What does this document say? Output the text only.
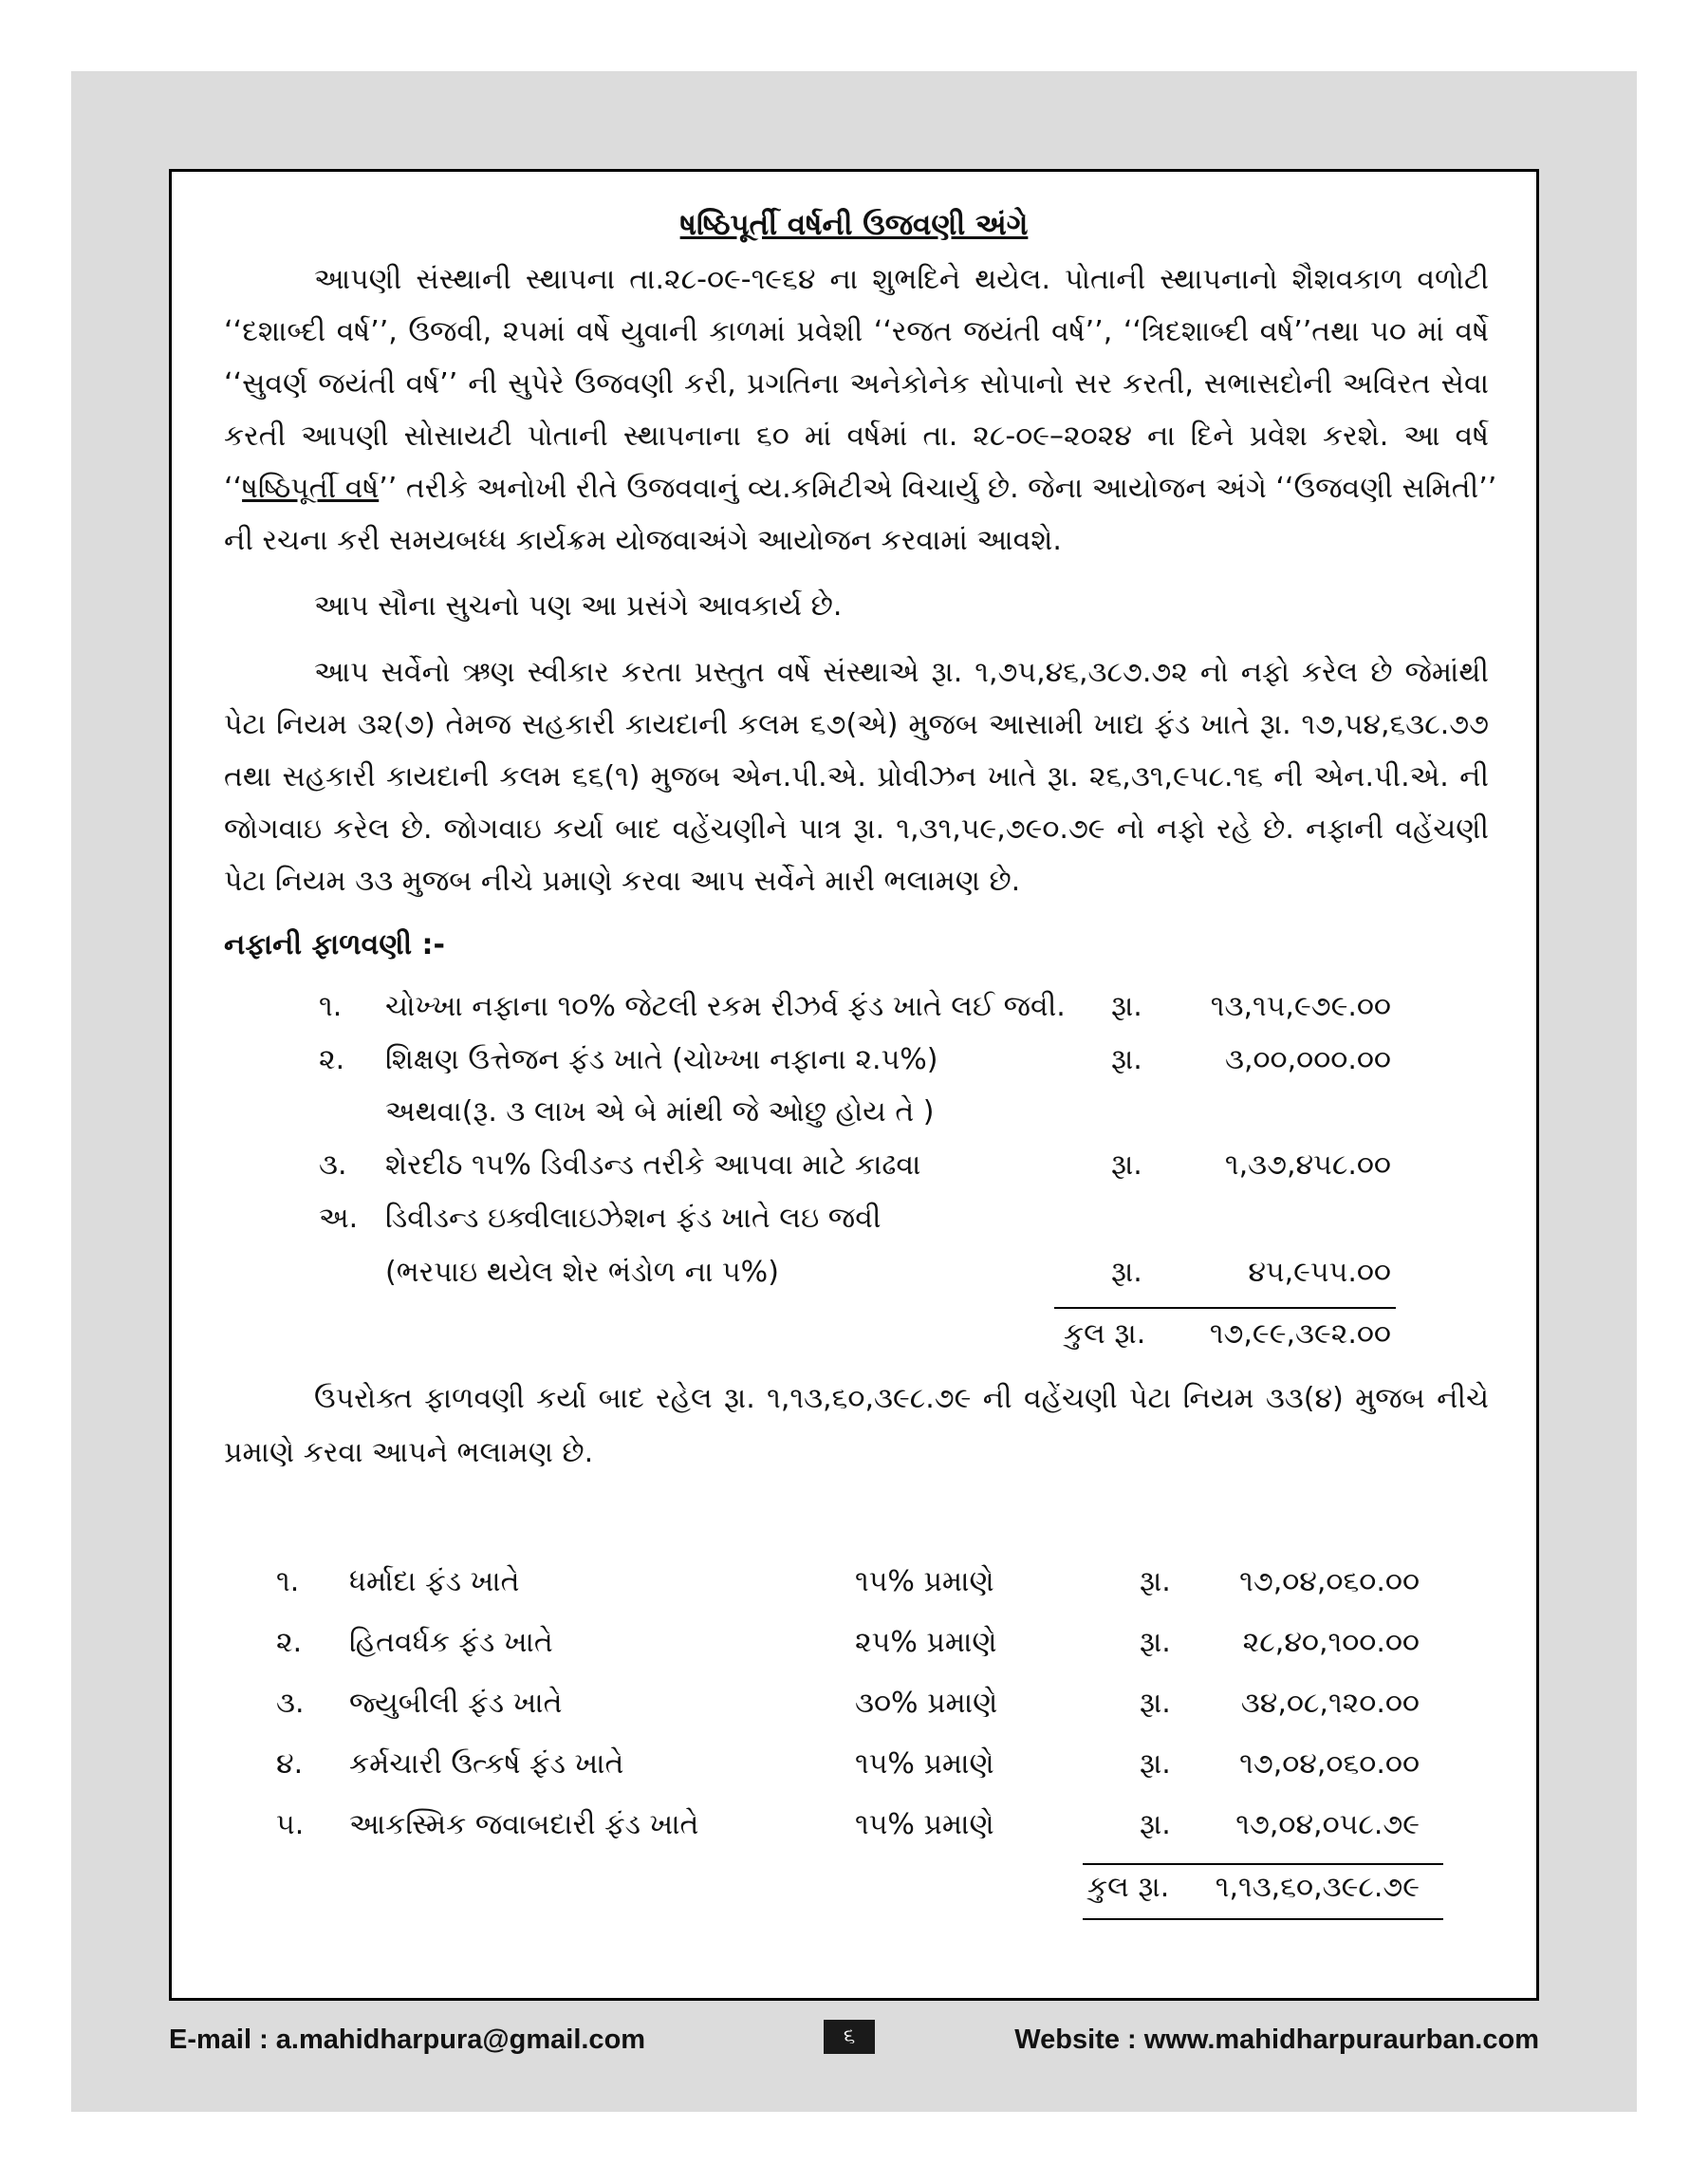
ષષ્ઠિપૂર્તી વર્ષની ઉજવણી અંગે
આપણી સંસ્થાની સ્થાપના તા.૨૮-૦૯-૧૯૬૪ ના શુભદિને થયેલ. પોતાની સ્થાપનાનો શૈશવકાળ વળોટી
‘‘દશાબ્દી વર્ષ’’, ઉજવી, ૨૫માં વર્ષે યુવાની કાળમાં પ્રવેશી ‘‘રજત જયંતી વર્ષ’’, ‘‘ત્રિદશાબ્દી વર્ષ’’તથા ૫૦ માં વર્ષે
‘‘સુવર્ણ જયંતી વર્ષ’’ ની સુપેરે ઉજવણી કરી, પ્રગતિના અનેકોનેક સોપાનો સર કરતી, સભાસદોની અવિરત સેવા
કરતી આપણી સોસાયટી પોતાની સ્થાપનાના ૬૦ માં વર્ષમાં તા. ૨૮-૦૯–૨૦૨૪ ના દિને પ્રવેશ કરશે. આ વર્ષ
‘‘ષષ્ઠિપૂર્તી વર્ષ’’ તરીકે અનોખી રીતે ઉજવવાનું વ્ય.કમિટીએ વિચાર્યુ છે. જેના આયોજન અંગે ‘‘ઉજવણી સમિતી’’
ની રચના કરી સમયબધ્ધ કાર્યક્રમ યોજવાઅંગે આયોજન કરવામાં આવશે.
આપ સૌના સુચનો પણ આ પ્રસંગે આવકાર્ય છે.
આપ સર્વેનો ઋણ સ્વીકાર કરતા પ્રસ્તુત વર્ષે સંસ્થાએ રૂા. ૧,૭૫,૪૬,૩૮૭.૭૨ નો નફો કરેલ છે જેમાંથી
પેટા નિયમ ૩૨(૭) તેમજ સહકારી કાયદાની કલમ ૬૭(એ) મુજબ આસામી ખાદ્ય ફંડ ખાતે રૂા. ૧૭,૫૪,૬૩૮.૭૭
તથા સહકારી કાયદાની કલમ ૬૬(૧) મુજબ એન.પી.એ. પ્રોવીઝન ખાતે રૂા. ૨૬,૩૧,૯૫૮.૧૬ ની એન.પી.એ. ની
જોગવાઇ કરેલ છે. જોગવાઇ કર્યા બાદ વહેંચણીને પાત્ર રૂા. ૧,૩૧,૫૯,૭૯૦.૭૯ નો નફો રહે છે. નફાની વહેંચણી
પેટા નિયમ ૩૩ મુજબ નીચે પ્રમાણે કરવા આપ સર્વેને મારી ભલામણ છે.
નફાની ફાળવણી :-
૧. ચોખ્ખા નફાના ૧૦% જેટલી રકમ રીઝર્વ ફંડ ખાતે લઈ જવી. રૂા.	૧૩,૧૫,૯૭૯.૦૦
૨. શિક્ષણ ઉત્તેજન ફંડ ખાતે (ચોખ્ખા નફાના ૨.૫%)	રૂા.	૩,૦૦,૦૦૦.૦૦
અથવા(રૂ. ૩ લાખ એ બે માંથી જે ઓછુ હોય તે )
૩. શેરદીઠ ૧૫% ડિવીડન્ડ તરીકે આપવા માટે કાઢવા	રૂા.	૧,૩૭,૪૫૮.૦૦
અ. ડિવીડન્ડ ઇક્વીલાઇઝેશન ફંડ ખાતે લઇ જવી
(ભરપાઇ થયેલ શેર ભંડોળ ના ૫%)	રૂા.	૪૫,૯૫૫.૦૦
કુલ રૂા.	૧૭,૯૯,૩૯૨.૦૦
ઉપરોક્ત ફાળવણી કર્યા બાદ રહેલ રૂા. ૧,૧૩,૬૦,૩૯૮.૭૯ ની વહેંચણી પેટા નિયમ ૩૩(૪) મુજબ નીચે
પ્રમાણે કરવા આપને ભલામણ છે.
૧. ધર્માદા ફંડ ખાતે	૧૫% પ્રમાણે	રૂા.	૧૭,૦૪,૦૬૦.૦૦
૨. હિતવર્ધક ફંડ ખાતે	૨૫% પ્રમાણે	રૂા.	૨૮,૪૦,૧૦૦.૦૦
૩. જ્યુબીલી ફંડ ખાતે	૩૦% પ્રમાણે	રૂા.	૩૪,૦૮,૧૨૦.૦૦
૪. કર્મચારી ઉત્કર્ષ ફંડ ખાતે	૧૫% પ્રમાણે	રૂા.	૧૭,૦૪,૦૬૦.૦૦
૫. આકસ્મિક જવાબદારી ફંડ ખાતે	૧૫% પ્રમાણે	રૂા.	૧૭,૦૪,૦૫૮.૭૯
કુલ રૂા.	૧,૧૩,૬૦,૩૯૮.૭૯
E-mail : a.mahidharpura@gmail.com	૬	Website : www.mahidharpuraurban.com
